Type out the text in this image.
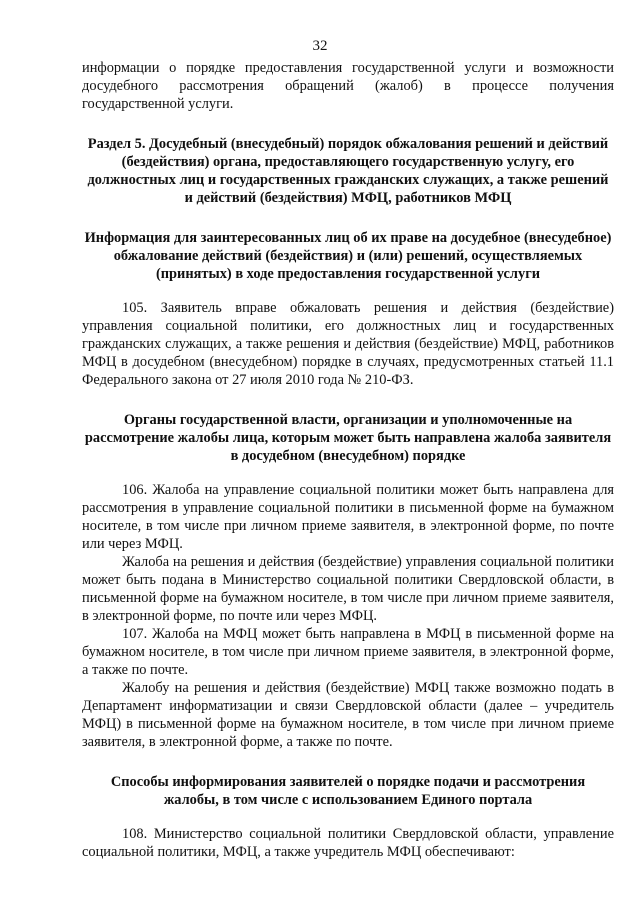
32

информации о порядке предоставления государственной услуги и возможности досудебного рассмотрения обращений (жалоб) в процессе получения государственной услуги.

Раздел 5. Досудебный (внесудебный) порядок обжалования решений и действий (бездействия) органа, предоставляющего государственную услугу, его должностных лиц и государственных гражданских служащих, а также решений и действий (бездействия) МФЦ, работников МФЦ

Информация для заинтересованных лиц об их праве на досудебное (внесудебное) обжалование действий (бездействия) и (или) решений, осуществляемых (принятых) в ходе предоставления государственной услуги

105. Заявитель вправе обжаловать решения и действия (бездействие) управления социальной политики, его должностных лиц и государственных гражданских служащих, а также решения и действия (бездействие) МФЦ, работников МФЦ в досудебном (внесудебном) порядке в случаях, предусмотренных статьей 11.1 Федерального закона от 27 июля 2010 года № 210-ФЗ.

Органы государственной власти, организации и уполномоченные на рассмотрение жалобы лица, которым может быть направлена жалоба заявителя в досудебном (внесудебном) порядке

106. Жалоба на управление социальной политики может быть направлена для рассмотрения в управление социальной политики в письменной форме на бумажном носителе, в том числе при личном приеме заявителя, в электронной форме, по почте или через МФЦ.

Жалоба на решения и действия (бездействие) управления социальной политики может быть подана в Министерство социальной политики Свердловской области, в письменной форме на бумажном носителе, в том числе при личном приеме заявителя, в электронной форме, по почте или через МФЦ.

107. Жалоба на МФЦ может быть направлена в МФЦ в письменной форме на бумажном носителе, в том числе при личном приеме заявителя, в электронной форме, а также по почте.

Жалобу на решения и действия (бездействие) МФЦ также возможно подать в Департамент информатизации и связи Свердловской области (далее – учредитель МФЦ) в письменной форме на бумажном носителе, в том числе при личном приеме заявителя, в электронной форме, а также по почте.

Способы информирования заявителей о порядке подачи и рассмотрения жалобы, в том числе с использованием Единого портала

108. Министерство социальной политики Свердловской области, управление социальной политики, МФЦ, а также учредитель МФЦ обеспечивают:
